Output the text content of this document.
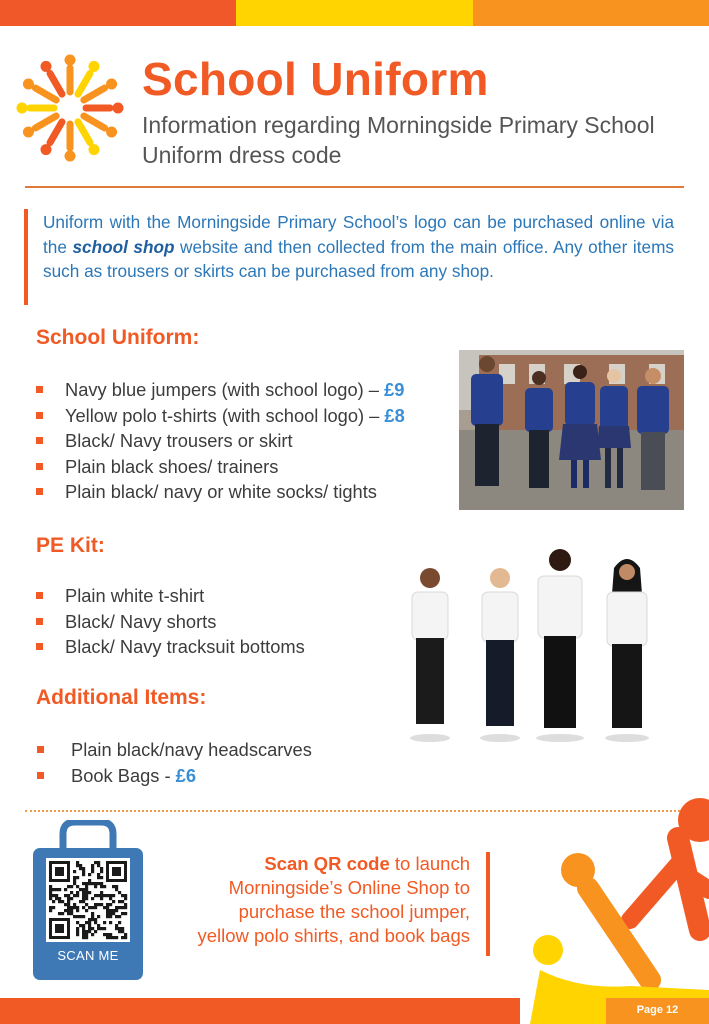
School Uniform
Information regarding Morningside Primary School Uniform dress code

Uniform with the Morningside Primary School’s logo can be purchased online via the school shop website and then collected from the main office. Any other items such as trousers or skirts can be purchased from any shop.

School Uniform:
Navy blue jumpers (with school logo) – £9
Yellow polo t-shirts (with school logo) – £8
Black/ Navy trousers or skirt
Plain black shoes/ trainers
Plain black/ navy or white socks/ tights
PE Kit:
Plain white t-shirt
Black/ Navy shorts
Black/ Navy tracksuit bottoms
Additional Items:
Plain black/navy headscarves
Book Bags - £6
SCAN ME
Scan QR code to launch
Morningside’s Online Shop to
purchase the school jumper,
yellow polo shirts, and book bags
Page 12
